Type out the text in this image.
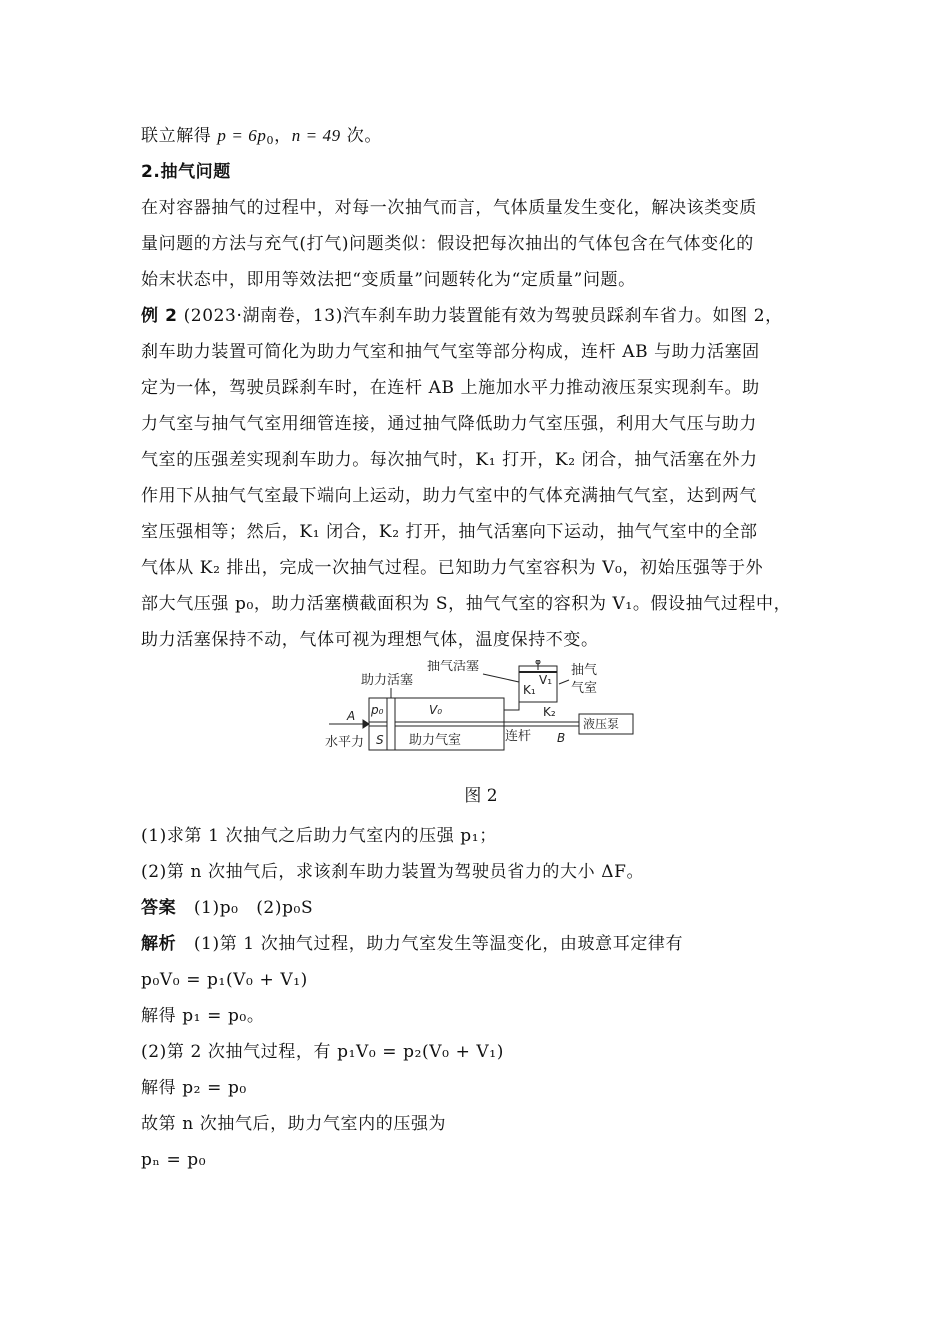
联立解得 $p = 6p_0$，n = 49 次。
2.抽气问题
在对容器抽气的过程中，对每一次抽气而言，气体质量发生变化，解决该类变质
量问题的方法与充气(打气)问题类似：假设把每次抽出的气体包含在气体变化的
始末状态中，即用等效法把“变质量”问题转化为“定质量”问题。
例 2 (2023·湖南卷，13)汽车刹车助力装置能有效为驾驶员踩刹车省力。如图 2，
刹车助力装置可简化为助力气室和抽气气室等部分构成，连杆 AB 与助力活塞固
定为一体，驾驶员踩刹车时，在连杆 AB 上施加水平力推动液压泵实现刹车。助
力气室与抽气气室用细管连接，通过抽气降低助力气室压强，利用大气压与助力
气室的压强差实现刹车助力。每次抽气时，K₁ 打开，K₂ 闭合，抽气活塞在外力
作用下从抽气气室最下端向上运动，助力气室中的气体充满抽气气室，达到两气
室压强相等；然后，K₁ 闭合，K₂ 打开，抽气活塞向下运动，抽气气室中的全部
气体从 K₂ 排出，完成一次抽气过程。已知助力气室容积为 V₀，初始压强等于外
部大气压强 p₀，助力活塞横截面积为 S，抽气气室的容积为 V₁。假设抽气过程中，
助力活塞保持不动，气体可视为理想气体，温度保持不变。
助力活塞
抽气活塞	抽气
气室
K₁
V₁
K₂
p₀	V₀
A
水平力 S 助力气室	连杆 B
液压泵
图 2
(1)求第 1 次抽气之后助力气室内的压强 p₁；
(2)第 n 次抽气后，求该刹车助力装置为驾驶员省力的大小 ΔF。
答案　 (1)p₀　(2)p₀S
解析　 (1)第 1 次抽气过程，助力气室发生等温变化，由玻意耳定律有
p₀V₀ = p₁(V₀ + V₁)
解得 p₁ = p₀。
(2)第 2 次抽气过程，有 p₁V₀ = p₂(V₀ + V₁)
解得 p₂ = p₀
故第 n 次抽气后，助力气室内的压强为
pₙ = p₀
